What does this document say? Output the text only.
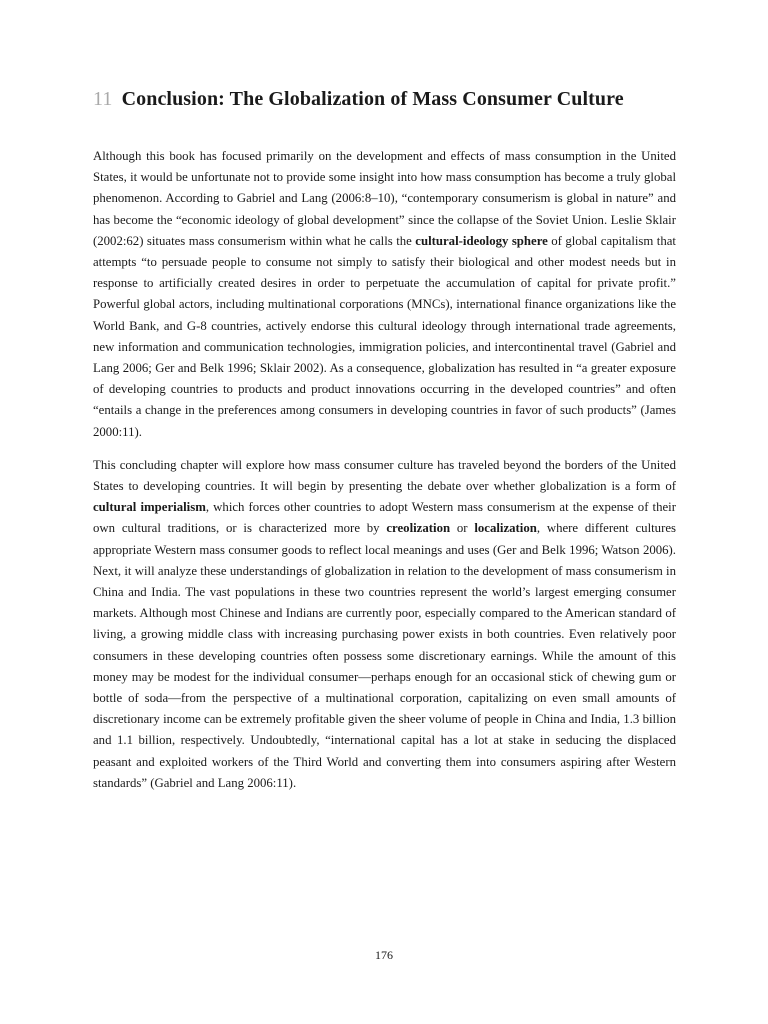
11 Conclusion: The Globalization of Mass Consumer Culture

Although this book has focused primarily on the development and effects of mass consumption in the United States, it would be unfortunate not to provide some insight into how mass consumption has become a truly global phenomenon. According to Gabriel and Lang (2006:8–10), “contemporary consumerism is global in nature” and has become the “economic ideology of global development” since the collapse of the Soviet Union. Leslie Sklair (2002:62) situates mass consumerism within what he calls the cultural-ideology sphere of global capitalism that attempts “to persuade people to consume not simply to satisfy their biological and other modest needs but in response to artificially created desires in order to perpetuate the accumulation of capital for private profit.” Powerful global actors, including multinational corporations (MNCs), international finance organizations like the World Bank, and G-8 countries, actively endorse this cultural ideology through international trade agreements, new information and communication technologies, immigration policies, and intercontinental travel (Gabriel and Lang 2006; Ger and Belk 1996; Sklair 2002). As a consequence, globalization has resulted in “a greater exposure of developing countries to products and product innovations occurring in the developed countries” and often “entails a change in the preferences among consumers in developing countries in favor of such products” (James 2000:11).

This concluding chapter will explore how mass consumer culture has traveled beyond the borders of the United States to developing countries. It will begin by presenting the debate over whether globalization is a form of cultural imperialism, which forces other countries to adopt Western mass consumerism at the expense of their own cultural traditions, or is characterized more by creolization or localization, where different cultures appropriate Western mass consumer goods to reflect local meanings and uses (Ger and Belk 1996; Watson 2006). Next, it will analyze these understandings of globalization in relation to the development of mass consumerism in China and India. The vast populations in these two countries represent the world’s largest emerging consumer markets. Although most Chinese and Indians are currently poor, especially compared to the American standard of living, a growing middle class with increasing purchasing power exists in both countries. Even relatively poor consumers in these developing countries often possess some discretionary earnings. While the amount of this money may be modest for the individual consumer—perhaps enough for an occasional stick of chewing gum or bottle of soda—from the perspective of a multinational corporation, capitalizing on even small amounts of discretionary income can be extremely profitable given the sheer volume of people in China and India, 1.3 billion and 1.1 billion, respectively. Undoubtedly, “international capital has a lot at stake in seducing the displaced peasant and exploited workers of the Third World and converting them into consumers aspiring after Western standards” (Gabriel and Lang 2006:11).

176
